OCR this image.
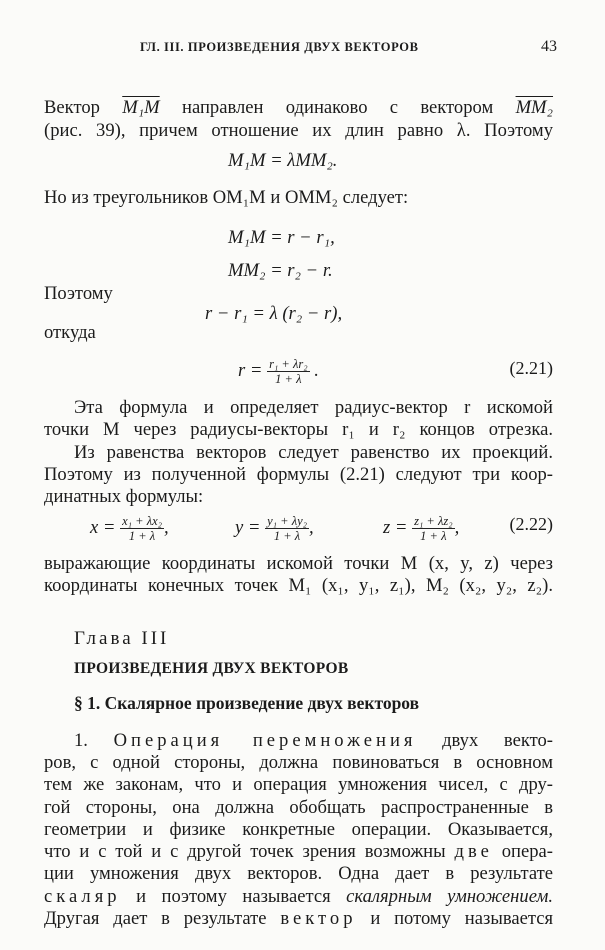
ГЛ. III. ПРОИЗВЕДЕНИЯ ДВУХ ВЕКТОРОВ	43
Вектор M₁M направлен одинаково с вектором MM₂
(рис. 39), причем отношение их длин равно λ. Поэтому
M₁M = λMM₂.
Но из треугольников OM₁M и OMM₂ следует:
M₁M = r − r₁,
MM₂ = r₂ − r.
Поэтому
r − r₁ = λ (r₂ − r),
откуда
$r = \frac{\text{r₁ + λr₂}}{1 + \lambda}$ .	(2.21)
Эта формула и определяет радиус-вектор r искомой
точки M через радиусы-векторы r₁ и r₂ концов отрезка.
Из равенства векторов следует равенство их проекций.
Поэтому из полученной формулы (2.21) следуют три коор-
динатных формулы:
$x = \frac{\text{x₁ + λx₂}}{1 + \lambda}$ ,	$y = \frac{\text{y₁ + λy₂}}{1 + \lambda}$ ,	$z = \frac{\text{z₁ + λz₂}}{1 + \lambda}$ ,	(2.22)
выражающие координаты искомой точки M (x, y, z) через
координаты конечных точек M₁ (x₁, y₁, z₁), M₂ (x₂, y₂, z₂).
Глава III
ПРОИЗВЕДЕНИЯ ДВУХ ВЕКТОРОВ
§ 1. Скалярное произведение двух векторов
1. Операция перемножения двух векто-
ров, с одной стороны, должна повиноваться в основном
тем же законам, что и операция умножения чисел, с дру-
гой стороны, она должна обобщать распространенные в
геометрии и физике конкретные операции. Оказывается,
что и с той и с другой точек зрения возможны две опера-
ции умножения двух векторов. Одна дает в результате
скаляр и поэтому называется скалярным умножением.
Другая дает в результате вектор и потому называется
